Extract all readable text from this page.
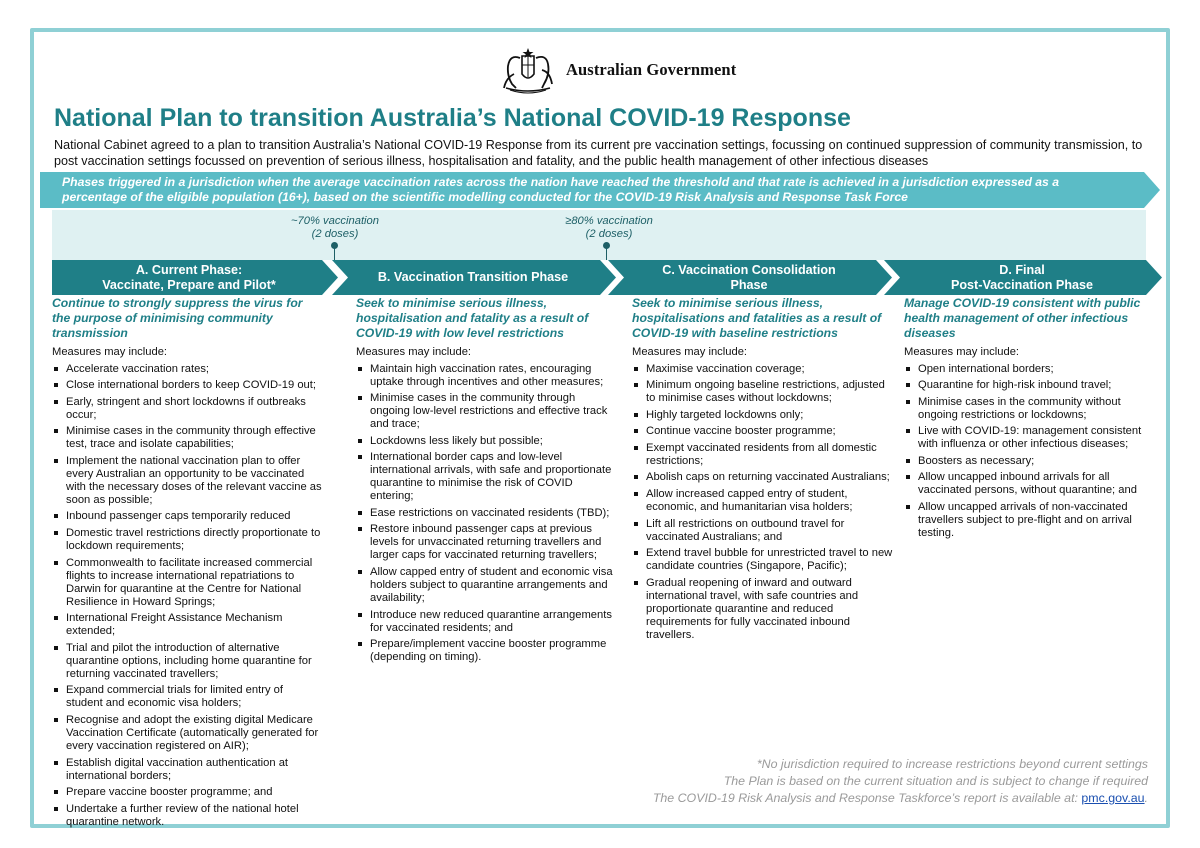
Australian Government
National Plan to transition Australia’s National COVID-19 Response
National Cabinet agreed to a plan to transition Australia’s National COVID-19 Response from its current pre vaccination settings, focussing on continued suppression of community transmission, to post vaccination settings focussed on prevention of serious illness, hospitalisation and fatality, and the public health management of other infectious diseases
Phases triggered in a jurisdiction when the average vaccination rates across the nation have reached the threshold and that rate is achieved in a jurisdiction expressed as a percentage of the eligible population (16+), based on the scientific modelling conducted for the COVID-19 Risk Analysis and Response Task Force
~70% vaccination
(2 doses)
≥80% vaccination
(2 doses)
A. Current Phase:
Vaccinate, Prepare and Pilot*
B. Vaccination Transition Phase
C. Vaccination Consolidation
Phase
D. Final
Post-Vaccination Phase
Continue to strongly suppress the virus for the purpose of minimising community transmission
Measures may include:
Accelerate vaccination rates;
Close international borders to keep COVID-19 out;
Early, stringent and short lockdowns if outbreaks occur;
Minimise cases in the community through effective test, trace and isolate capabilities;
Implement the national vaccination plan to offer every Australian an opportunity to be vaccinated with the necessary doses of the relevant vaccine as soon as possible;
Inbound passenger caps temporarily reduced
Domestic travel restrictions directly proportionate to lockdown requirements;
Commonwealth to facilitate increased commercial flights to increase international repatriations to Darwin for quarantine at the Centre for National Resilience in Howard Springs;
International Freight Assistance Mechanism extended;
Trial and pilot the introduction of alternative quarantine options, including home quarantine for returning vaccinated travellers;
Expand commercial trials for limited entry of student and economic visa holders;
Recognise and adopt the existing digital Medicare Vaccination Certificate (automatically generated for every vaccination registered on AIR);
Establish digital vaccination authentication at international borders;
Prepare vaccine booster programme; and
Undertake a further review of the national hotel quarantine network.
Seek to minimise serious illness, hospitalisation and fatality as a result of COVID-19 with low level restrictions
Measures may include:
Maintain high vaccination rates, encouraging uptake through incentives and other measures;
Minimise cases in the community through ongoing low-level restrictions and effective track and trace;
Lockdowns less likely but possible;
International border caps and low-level international arrivals, with safe and proportionate quarantine to minimise the risk of COVID entering;
Ease restrictions on vaccinated residents (TBD);
Restore inbound passenger caps at previous levels for unvaccinated returning travellers and larger caps for vaccinated returning travellers;
Allow capped entry of student and economic visa holders subject to quarantine arrangements and availability;
Introduce new reduced quarantine arrangements for vaccinated residents; and
Prepare/implement vaccine booster programme (depending on timing).
Seek to minimise serious illness, hospitalisations and fatalities as a result of COVID-19 with baseline restrictions
Measures may include:
Maximise vaccination coverage;
Minimum ongoing baseline restrictions, adjusted to minimise cases without lockdowns;
Highly targeted lockdowns only;
Continue vaccine booster programme;
Exempt vaccinated residents from all domestic restrictions;
Abolish caps on returning vaccinated Australians;
Allow increased capped entry of student, economic, and humanitarian visa holders;
Lift all restrictions on outbound travel for vaccinated Australians; and
Extend travel bubble for unrestricted travel to new candidate countries (Singapore, Pacific);
Gradual reopening of inward and outward international travel, with safe countries and proportionate quarantine and reduced requirements for fully vaccinated inbound travellers.
Manage COVID-19 consistent with public health management of other infectious diseases
Measures may include:
Open international borders;
Quarantine for high-risk inbound travel;
Minimise cases in the community without ongoing restrictions or lockdowns;
Live with COVID-19: management consistent with influenza or other infectious diseases;
Boosters as necessary;
Allow uncapped inbound arrivals for all vaccinated persons, without quarantine; and
Allow uncapped arrivals of non-vaccinated travellers subject to pre-flight and on arrival testing.
*No jurisdiction required to increase restrictions beyond current settings
The Plan is based on the current situation and is subject to change if required
The COVID-19 Risk Analysis and Response Taskforce’s report is available at: pmc.gov.au.
